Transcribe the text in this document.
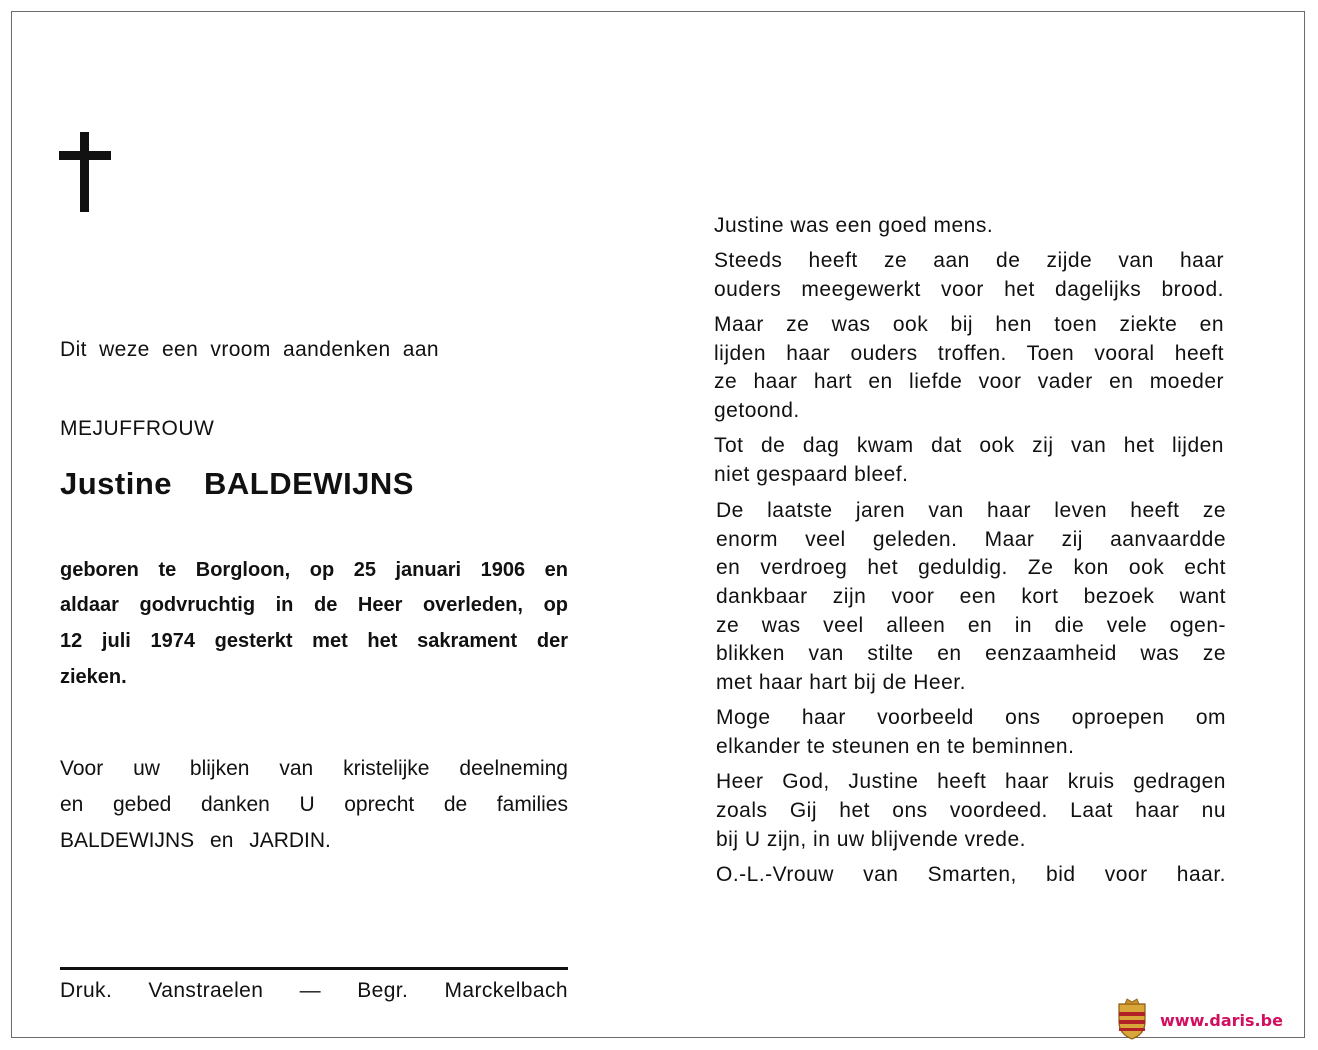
Dit weze een vroom aandenken aan
MEJUFFROUW
Justine BALDEWIJNS
geboren te Borgloon, op 25 januari 1906 en
aldaar godvruchtig in de Heer overleden, op
12 juli 1974 gesterkt met het sakrament der
zieken.
Voor uw blijken van kristelijke deelneming
en gebed danken U oprecht de families
BALDEWIJNS en JARDIN.
Druk. Vanstraelen — Begr. Marckelbach
Justine was een goed mens.
Steeds heeft ze aan de zijde van haar
ouders meegewerkt voor het dagelijks brood.
Maar ze was ook bij hen toen ziekte en
lijden haar ouders troffen. Toen vooral heeft
ze haar hart en liefde voor vader en moeder
getoond.
Tot de dag kwam dat ook zij van het lijden
niet gespaard bleef.
De laatste jaren van haar leven heeft ze
enorm veel geleden. Maar zij aanvaardde
en verdroeg het geduldig. Ze kon ook echt
dankbaar zijn voor een kort bezoek want
ze was veel alleen en in die vele ogen-
blikken van stilte en eenzaamheid was ze
met haar hart bij de Heer.
Moge haar voorbeeld ons oproepen om
elkander te steunen en te beminnen.
Heer God, Justine heeft haar kruis gedragen
zoals Gij het ons voordeed. Laat haar nu
bij U zijn, in uw blijvende vrede.
O.-L.-Vrouw van Smarten, bid voor haar.
www.daris.be
